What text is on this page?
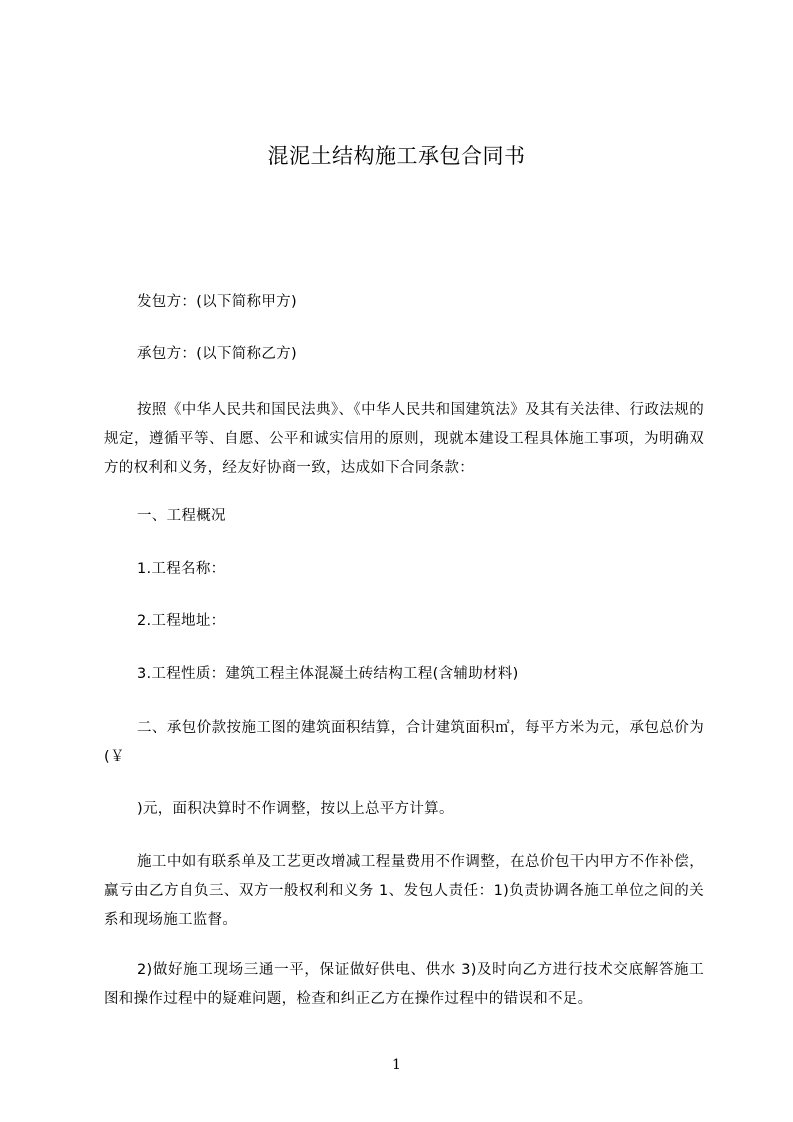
混泥土结构施工承包合同书
发包方：(以下简称甲方)
承包方：(以下简称乙方)
按照《中华人民共和国民法典》、《中华人民共和国建筑法》及其有关法律、行政法规的规定，遵循平等、自愿、公平和诚实信用的原则，现就本建设工程具体施工事项，为明确双方的权利和义务，经友好协商一致，达成如下合同条款：
一、工程概况
1.工程名称：
2.工程地址：
3.工程性质：建筑工程主体混凝土砖结构工程(含辅助材料)
二、承包价款按施工图的建筑面积结算，合计建筑面积㎡，每平方米为元，承包总价为(￥
)元，面积决算时不作调整，按以上总平方计算。
施工中如有联系单及工艺更改增减工程量费用不作调整，在总价包干内甲方不作补偿，赢亏由乙方自负三、双方一般权利和义务 1、发包人责任：1)负责协调各施工单位之间的关系和现场施工监督。
2)做好施工现场三通一平，保证做好供电、供水 3)及时向乙方进行技术交底解答施工图和操作过程中的疑难问题，检查和纠正乙方在操作过程中的错误和不足。
1
